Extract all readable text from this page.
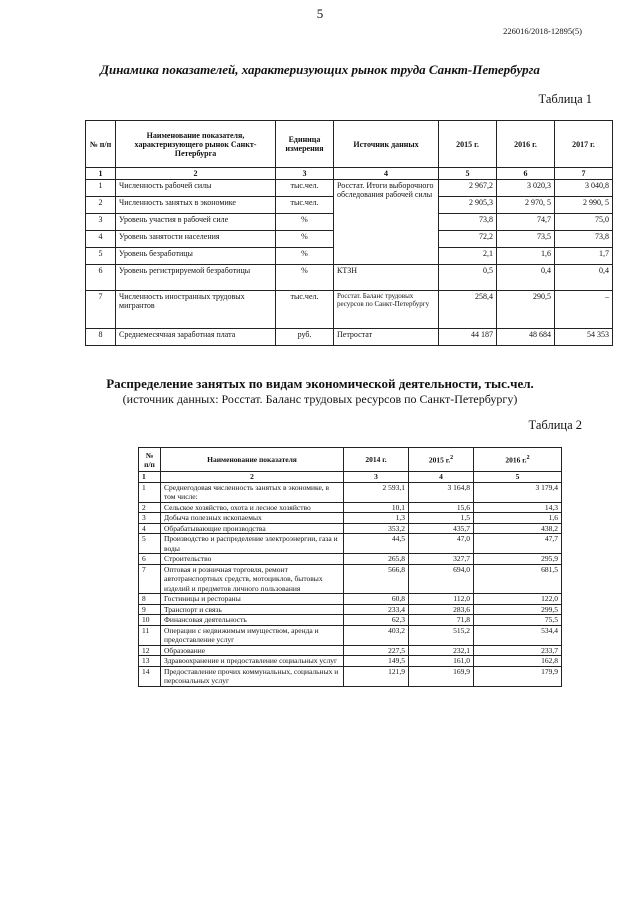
5
226016/2018-12895(5)
Динамика показателей, характеризующих рынок труда Санкт-Петербурга
Таблица 1
№ п/п	Наименование показателя, характеризующего рынок Санкт-Петербурга	Единица измерения	Источник данных	2015 г.	2016 г.	2017 г.
1	2	3	4	5	6	7
1	Численность рабочей силы	тыс.чел.	Росстат. Итоги выборочного обследования рабочей силы	2 967,2	3 020,3	3 040,8
2	Численность занятых в экономике	тыс.чел.		2 905,3	2 970, 5	2 990, 5
3	Уровень участия в рабочей силе	%		73,8	74,7	75,0
4	Уровень занятости населения	%		72,2	73,5	73,8
5	Уровень безработицы	%		2,1	1,6	1,7
6	Уровень регистрируемой безработицы	%	КТЗН	0,5	0,4	0,4
7	Численность иностранных трудовых мигрантов	тыс.чел.	Росстат. Баланс трудовых ресурсов по Санкт-Петербургу	258,4	290,5	–
8	Среднемесячная заработная плата	руб.	Петростат	44 187	48 684	54 353
Распределение занятых по видам экономической деятельности, тыс.чел.
(источник данных: Росстат. Баланс трудовых ресурсов по Санкт-Петербургу)
Таблица 2
№ п/п	Наименование показателя	2014 г.	2015 г.$^2$	2016 г.$^2$
1	2	3	4	5
1	Среднегодовая численность занятых в экономике, в том числе:	2 593,1	3 164,8	3 179,4
2	Сельское хозяйство, охота и лесное хозяйство	10,1	15,6	14,3
3	Добыча полезных ископаемых	1,3	1,5	1,6
4	Обрабатывающие производства	353,2	435,7	438,2
5	Производство и распределение электроэнергии, газа и воды	44,5	47,0	47,7
6	Строительство	265,8	327,7	295,9
7	Оптовая и розничная торговля, ремонт автотранспортных средств, мотоциклов, бытовых изделий и предметов личного пользования	566,8	694,0	681,5
8	Гостиницы и рестораны	60,8	112,0	122,0
9	Транспорт и связь	233,4	283,6	299,5
10	Финансовая деятельность	62,3	71,8	75,5
11	Операции с недвижимым имуществом, аренда и предоставление услуг	403,2	515,2	534,4
12	Образование	227,5	232,1	233,7
13	Здравоохранение и предоставление социальных услуг	149,5	161,0	162,8
14	Предоставление прочих коммунальных, социальных и персональных услуг	121,9	169,9	179,9
